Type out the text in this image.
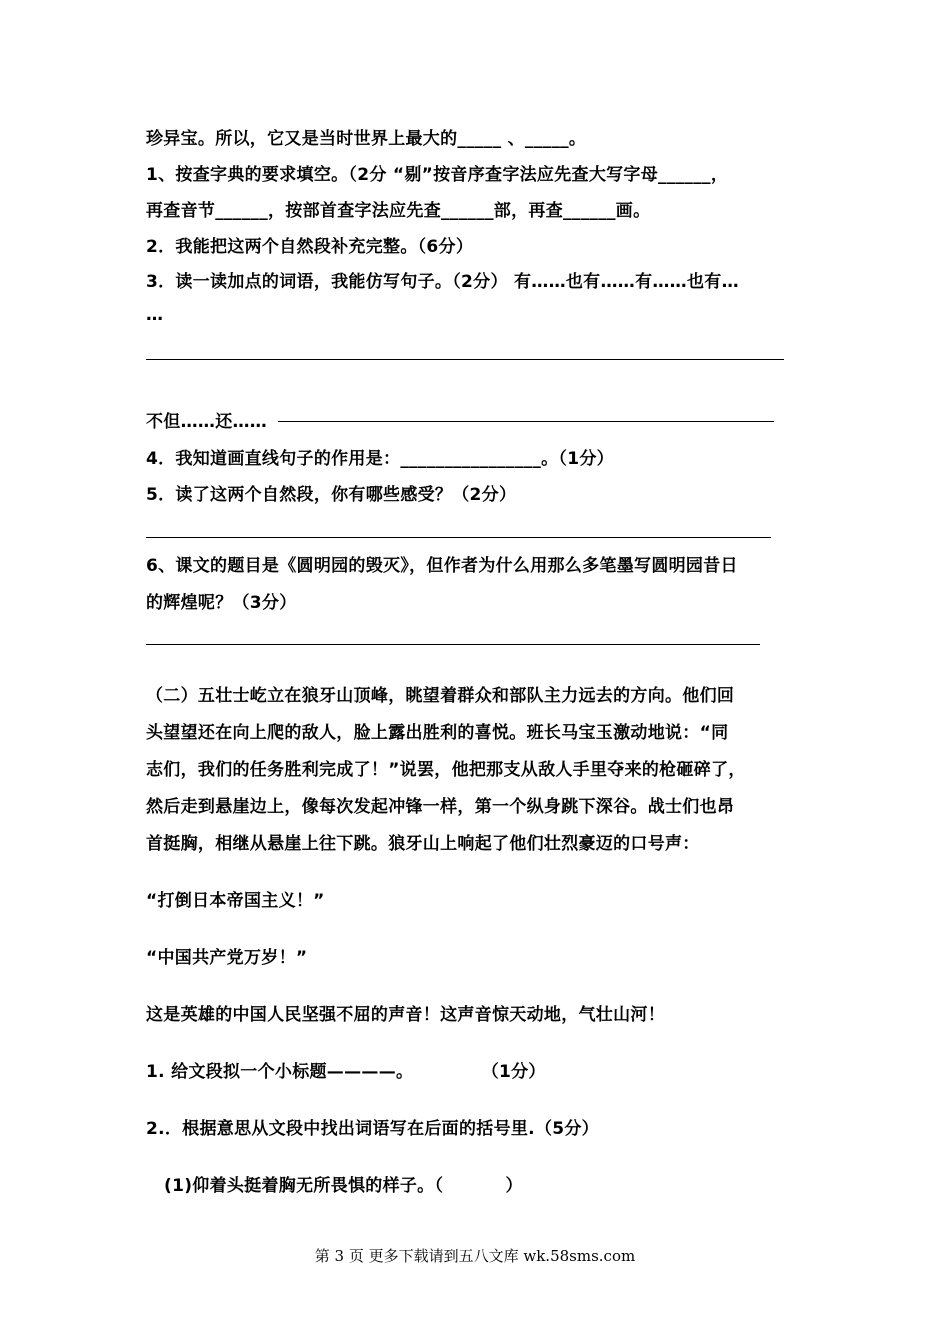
珍异宝。所以，它又是当时世界上最大的_____ 、_____。
1、按查字典的要求填空。（2分 “剔”按音序查字法应先查大写字母______，
再查音节______，按部首查字法应先查______部，再查______画。
2．我能把这两个自然段补充完整。（6分）
3．读一读加点的词语，我能仿写句子。（2分） 有……也有……有……也有…
…
不但……还……
4．我知道画直线句子的作用是：________________。（1分）
5．读了这两个自然段，你有哪些感受？（2分）
6、课文的题目是《圆明园的毁灭》，但作者为什么用那么多笔墨写圆明园昔日
的辉煌呢？（3分）
（二）五壮士屹立在狼牙山顶峰，眺望着群众和部队主力远去的方向。他们回
头望望还在向上爬的敌人，脸上露出胜利的喜悦。班长马宝玉激动地说：“同
志们，我们的任务胜利完成了！”说罢，他把那支从敌人手里夺来的枪砸碎了，
然后走到悬崖边上，像每次发起冲锋一样，第一个纵身跳下深谷。战士们也昂
首挺胸，相继从悬崖上往下跳。狼牙山上响起了他们壮烈豪迈的口号声：
“打倒日本帝国主义！”
“中国共产党万岁！”
这是英雄的中国人民坚强不屈的声音！这声音惊天动地，气壮山河！
1. 给文段拟一个小标题————。           （1分）
2.．根据意思从文段中找出词语写在后面的括号里.（5分）
(1)仰着头挺着胸无所畏惧的样子。（          ）
第 3 页 更多下载请到五八文库 wk.58sms.com
